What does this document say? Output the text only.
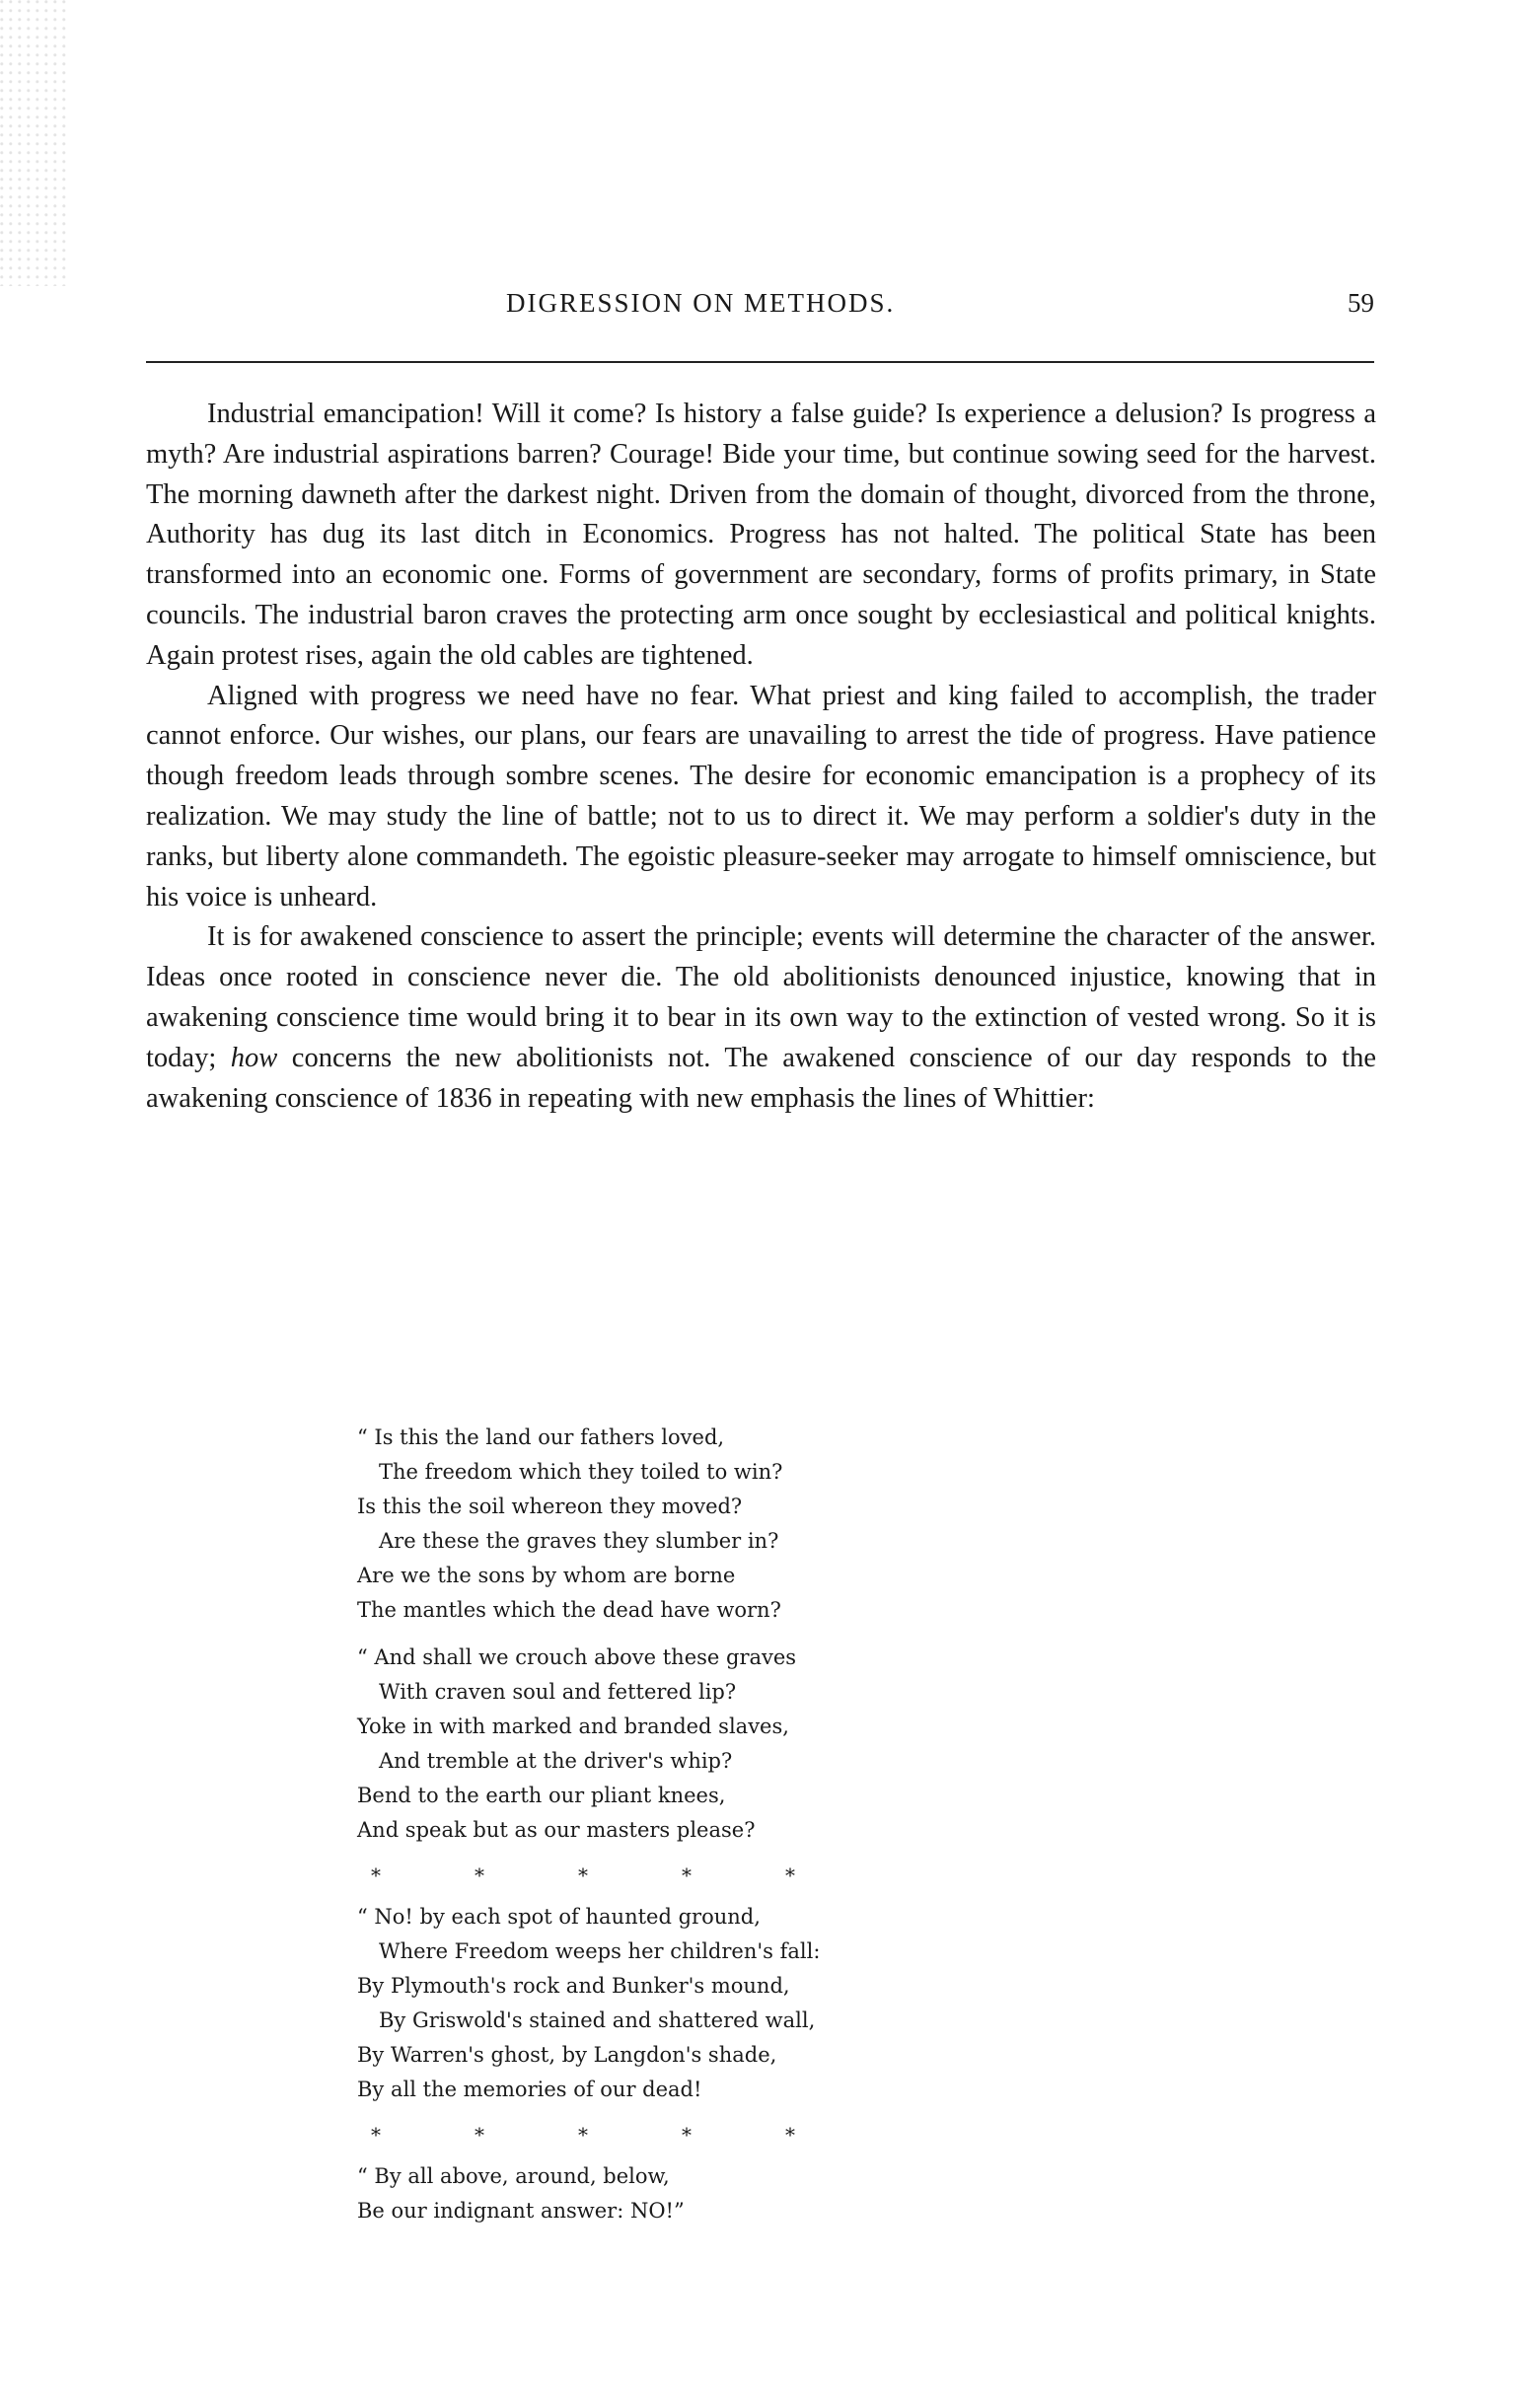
DIGRESSION ON METHODS.	59

Industrial emancipation! Will it come? Is history a false guide? Is experience a delusion? Is progress a myth? Are industrial aspirations barren? Courage! Bide your time, but continue sowing seed for the harvest. The morning dawneth after the darkest night. Driven from the domain of thought, divorced from the throne, Authority has dug its last ditch in Economics. Progress has not halted. The political State has been transformed into an economic one. Forms of government are secondary, forms of profits primary, in State councils. The industrial baron craves the protecting arm once sought by ecclesiastical and political knights. Again protest rises, again the old cables are tightened.

Aligned with progress we need have no fear. What priest and king failed to accomplish, the trader cannot enforce. Our wishes, our plans, our fears are unavailing to arrest the tide of progress. Have patience though freedom leads through sombre scenes. The desire for economic emancipation is a prophecy of its realization. We may study the line of battle; not to us to direct it. We may perform a soldier's duty in the ranks, but liberty alone commandeth. The egoistic pleasure-seeker may arrogate to himself omniscience, but his voice is unheard.

It is for awakened conscience to assert the principle; events will determine the character of the answer. Ideas once rooted in conscience never die. The old abolitionists denounced injustice, knowing that in awakening conscience time would bring it to bear in its own way to the extinction of vested wrong. So it is today; how concerns the new abolitionists not. The awakened conscience of our day responds to the awakening conscience of 1836 in repeating with new emphasis the lines of Whittier:

“ Is this the land our fathers loved,
The freedom which they toiled to win?
Is this the soil whereon they moved?
Are these the graves they slumber in?
Are we the sons by whom are borne
The mantles which the dead have worn?
“ And shall we crouch above these graves
With craven soul and fettered lip?
Yoke in with marked and branded slaves,
And tremble at the driver's whip?
Bend to the earth our pliant knees,
And speak but as our masters please?
*	*	*	*	*
“ No! by each spot of haunted ground,
Where Freedom weeps her children's fall:
By Plymouth's rock and Bunker's mound,
By Griswold's stained and shattered wall,
By Warren's ghost, by Langdon's shade,
By all the memories of our dead!
*	*	*	*	*
“ By all above, around, below,
Be our indignant answer: NO!”
